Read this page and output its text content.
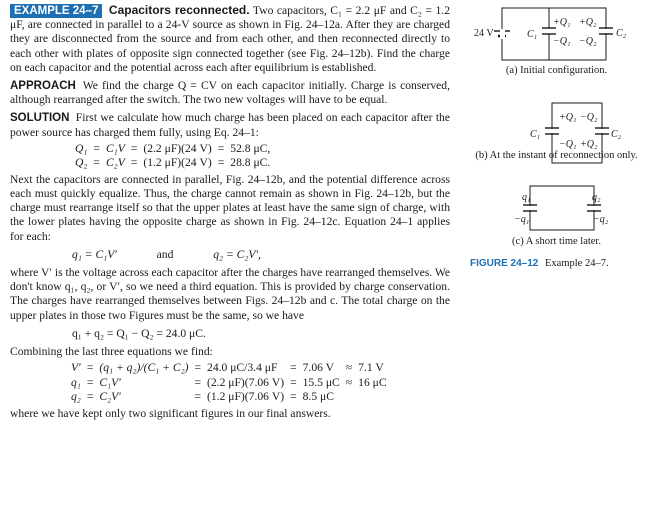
EXAMPLE 24–7 Capacitors reconnected. Two capacitors, C₁ = 2.2 μF and C₂ = 1.2 μF, are connected in parallel to a 24-V source as shown in Fig. 24–12a. After they are charged they are disconnected from the source and from each other, and then reconnected directly to each other with plates of opposite sign connected together (see Fig. 24–12b). Find the charge on each capacitor and the potential across each after equilibrium is established.

APPROACH We find the charge Q = CV on each capacitor initially. Charge is conserved, although rearranged after the switch. The two new voltages will have to be equal.

SOLUTION First we calculate how much charge has been placed on each capacitor after the power source has charged them fully, using Eq. 24–1:

Q₁	=	C₁V	=	(2.2 μF)(24 V)	=	52.8 μC,
Q₂	=	C₂V	=	(1.2 μF)(24 V)	=	28.8 μC.

Next the capacitors are connected in parallel, Fig. 24–12b, and the potential difference across each must quickly equalize. Thus, the charge cannot remain as shown in Fig. 24–12b, but the charge must rearrange itself so that the upper plates at least have the same sign of charge, with the lower plates having the opposite charge as shown in Fig. 24–12c. Equation 24–1 applies for each:

q₁ = C₁V′	and	q₂ = C₂V′,

where V′ is the voltage across each capacitor after the charges have rearranged themselves. We don't know q₁, q₂, or V′, so we need a third equation. This is provided by charge conservation. The charges have rearranged themselves between Figs. 24–12b and c. The total charge on the upper plates in those two Figures must be the same, so we have

q₁ + q₂ = Q₁ − Q₂ = 24.0 μC.

Combining the last three equations we find:

V′	=	(q₁ + q₂)/(C₁ + C₂)	=	24.0 μC/3.4 μF	=	7.06 V	≈	7.1 V
q₁	=	C₁V′	=	(2.2 μF)(7.06 V)	=	15.5 μC	≈	16 μC
q₂	=	C₂V′	=	(1.2 μF)(7.06 V)	=	8.5 μC		

where we have kept only two significant figures in our final answers.

24 V	C₁
+Q₁
−Q₁
+Q₂
−Q₂
C₂
C₁
+Q₁
−Q₁
−Q₂
+Q₂
C₂
q₁
−q₁
q₂
−q₂
(a) Initial configuration.
(b) At the instant of reconnection only.
(c) A short time later.
FIGURE 24–12 Example 24–7.
